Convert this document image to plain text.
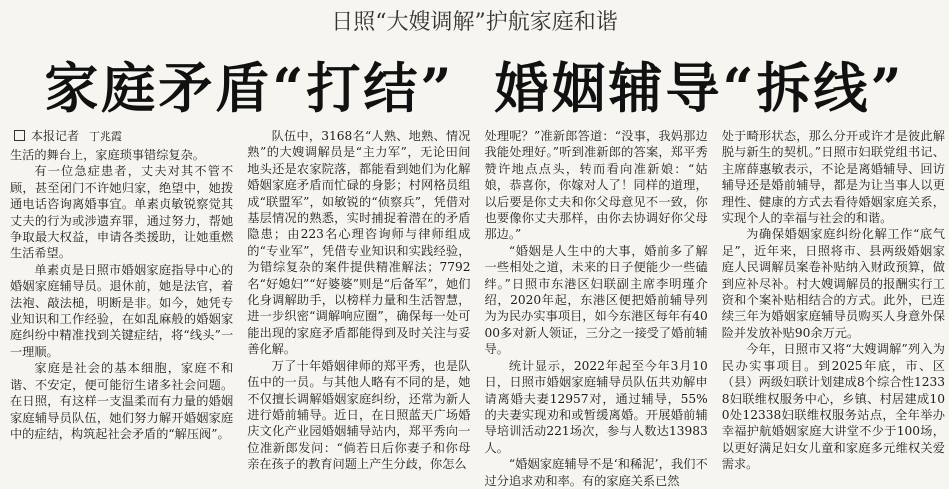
日照“大嫂调解”护航家庭和谐
家庭矛盾“打结” 婚姻辅导“拆线”
本报记者 丁兆霞

生活的舞台上，家庭琐事错综复杂。

有一位急症患者，丈夫对其不管不顾，甚至闭门不许她归家，绝望中，她拨通电话咨询离婚事宜。单素贞敏锐察觉其丈夫的行为或涉遗弃罪，通过努力，帮她争取最大权益，申请各类援助，让她重燃生活希望。

单素贞是日照市婚姻家庭指导中心的婚姻家庭辅导员。退休前，她是法官，着法袍、敲法槌，明断是非。如今，她凭专业知识和工作经验，在如乱麻般的婚姻家庭纠纷中精准找到关键症结，将“线头”一一理顺。

家庭是社会的基本细胞，家庭不和谐、不安定，便可能衍生诸多社会问题。在日照，有这样一支温柔而有力量的婚姻家庭辅导员队伍，她们努力解开婚姻家庭中的症结，构筑起社会矛盾的“解压阀”。

队伍中，3168名“人熟、地熟、情况熟”的大嫂调解员是“主力军”，无论田间地头还是农家院落，都能看到她们为化解婚姻家庭矛盾而忙碌的身影；村网格员组成“联盟军”，如敏锐的“侦察兵”，凭借对基层情况的熟悉，实时捕捉着潜在的矛盾隐患；由223名心理咨询师与律师组成的“专业军”，凭借专业知识和实践经验，为错综复杂的案件提供精准解法；7792名“好媳妇”“好婆婆”则是“后备军”，她们化身调解助手，以榜样力量和生活智慧，进一步织密“调解响应圈”，确保每一处可能出现的家庭矛盾都能得到及时关注与妥善化解。

万了十年婚姻律师的郑平秀，也是队伍中的一员。与其他人略有不同的是，她不仅擅长调解婚姻家庭纠纷，还常为新人进行婚前辅导。近日，在日照蓝天广场婚庆文化产业园婚姻辅导站内，郑平秀向一位准新郎发问：“倘若日后你妻子和你母亲在孩子的教育问题上产生分歧，你怎么

处理呢？”准新郎答道：“没事，我妈那边我能处理好。”听到准新郎的答案，郑平秀赞许地点点头，转而看向准新娘：“姑娘，恭喜你，你嫁对人了！同样的道理，以后要是你丈夫和你父母意见不一致，你也要像你丈夫那样，由你去协调好你父母那边。”

“婚姻是人生中的大事，婚前多了解一些相处之道，未来的日子便能少一些磕绊。”日照市东港区妇联副主席李明瑾介绍，2020年起，东港区便把婚前辅导列为为民办实事项目，如今东港区每年有4000多对新人领证，三分之一接受了婚前辅导。

统计显示，2022年起至今年3月10日，日照市婚姻家庭辅导员队伍共劝解申请离婚夫妻12957对，通过辅导，55%的夫妻实现劝和或暂缓离婚。开展婚前辅导培训活动221场次，参与人数达13983人。

“婚姻家庭辅导不是‘和稀泥’，我们不过分追求劝和率。有的家庭关系已然

处于畸形状态，那么分开或许才是彼此解脱与新生的契机。”日照市妇联党组书记、主席薛惠敏表示，不论是离婚辅导、回访辅导还是婚前辅导，都是为让当事人以更理性、健康的方式去看待婚姻家庭关系，实现个人的幸福与社会的和谐。

为确保婚姻家庭纠纷化解工作“底气足”，近年来，日照将市、县两级婚姻家庭人民调解员案卷补贴纳入财政预算，做到应补尽补。村大嫂调解员的报酬实行工资和个案补贴相结合的方式。此外，已连续三年为婚姻家庭辅导员购买人身意外保险并发放补贴90余万元。

今年，日照市又将“大嫂调解”列入为民办实事项目。到2025年底，市、区（县）两级妇联计划建成8个综合性12338妇联维权服务中心，乡镇、村居建成100处12338妇联维权服务站点，全年举办幸福护航婚姻家庭大讲堂不少于100场，以更好满足妇女儿童和家庭多元维权关爱需求。
